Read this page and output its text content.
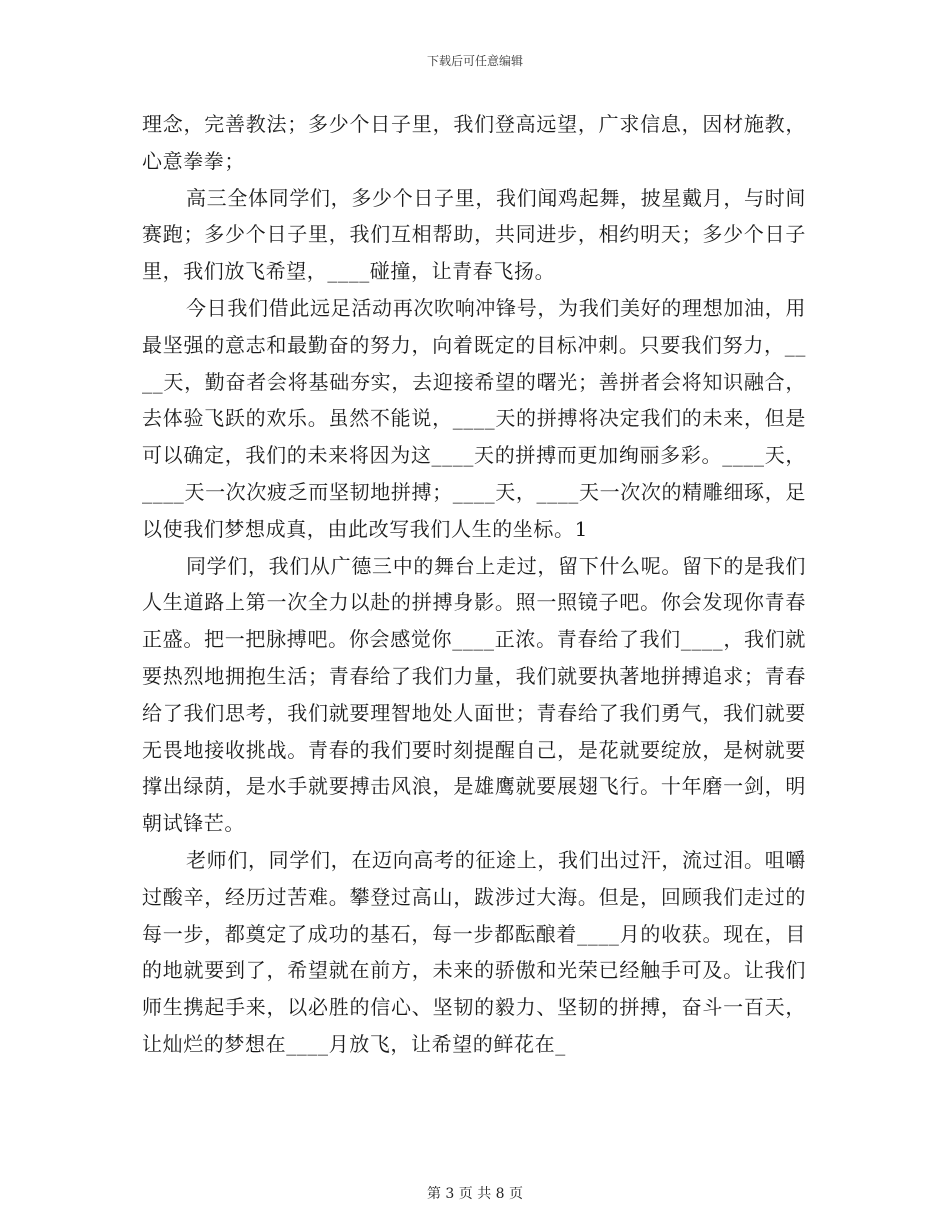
下载后可任意编辑

理念，完善教法；多少个日子里，我们登高远望，广求信息，因材施教，心意拳拳；

高三全体同学们，多少个日子里，我们闻鸡起舞，披星戴月，与时间赛跑；多少个日子里，我们互相帮助，共同进步，相约明天；多少个日子里，我们放飞希望，____碰撞，让青春飞扬。

今日我们借此远足活动再次吹响冲锋号，为我们美好的理想加油，用最坚强的意志和最勤奋的努力，向着既定的目标冲刺。只要我们努力，____天，勤奋者会将基础夯实，去迎接希望的曙光；善拼者会将知识融合，去体验飞跃的欢乐。虽然不能说，____天的拼搏将决定我们的未来，但是可以确定，我们的未来将因为这____天的拼搏而更加绚丽多彩。____天，____天一次次疲乏而坚韧地拼搏；____天，____天一次次的精雕细琢，足以使我们梦想成真，由此改写我们人生的坐标。1

同学们，我们从广德三中的舞台上走过，留下什么呢。留下的是我们人生道路上第一次全力以赴的拼搏身影。照一照镜子吧。你会发现你青春正盛。把一把脉搏吧。你会感觉你____正浓。青春给了我们____，我们就要热烈地拥抱生活；青春给了我们力量，我们就要执著地拼搏追求；青春给了我们思考，我们就要理智地处人面世；青春给了我们勇气，我们就要无畏地接收挑战。青春的我们要时刻提醒自己，是花就要绽放，是树就要撑出绿荫，是水手就要搏击风浪，是雄鹰就要展翅飞行。十年磨一剑，明朝试锋芒。

老师们，同学们，在迈向高考的征途上，我们出过汗，流过泪。咀嚼过酸辛，经历过苦难。攀登过高山，跋涉过大海。但是，回顾我们走过的每一步，都奠定了成功的基石，每一步都酝酿着____月的收获。现在，目的地就要到了，希望就在前方，未来的骄傲和光荣已经触手可及。让我们师生携起手来，以必胜的信心、坚韧的毅力、坚韧的拼搏，奋斗一百天，让灿烂的梦想在____月放飞，让希望的鲜花在_

第 3 页 共 8 页
